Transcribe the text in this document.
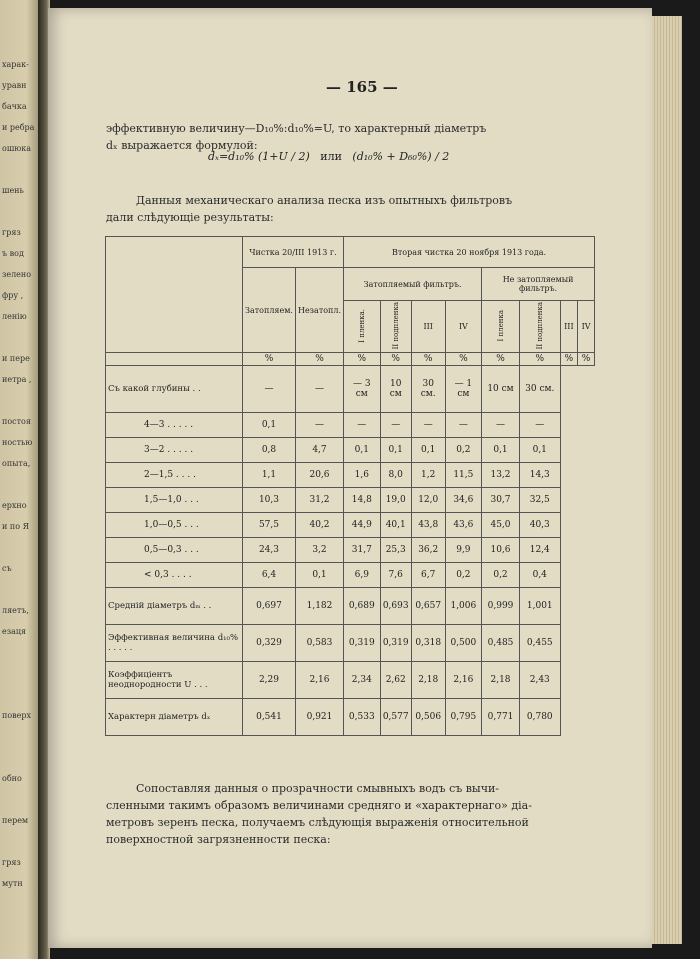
харак-
уравн
бачка
и ребра
ошюка
шень
гряз
ъ вод
зелено
фру ,
ленію
и пере
иетра ,
постоя
ностью
опыта,
ерхно
и по Я
съ
ляетъ,
езаця
поверх
обно
перем
гряз
мутн
— 165 —
эффективную величину—D₁₀%:d₁₀%=U, то характерный діаметръ
dₓ выражается формулой:
dₓ=d₁₀% (1+U / 2) или (d₁₀% + D₆₀%) / 2
Данныя механическаго анализа песка изъ опытныхъ фильтровъ
дали слѣдующіе результаты:
	Чистка 20/III 1913 г.		Вторая чистка 20 ноября 1913 года.							
	Затопляем.	Незатопл.	Затопляемый фильтръ.				Не затопляемый фильтръ.			
			I пленка.	II подпленка	III	IV	I пленка	II подпленка	III	IV
	%	%	%	%	%	%	%	%	%	%
Съ какой глубины . .	—	—	— 3 см	10 см	30 см.	— 1 см	10 см	30 см.		
4—3 . . . . .	0,1	—	—	—	—	—	—	—		
3—2 . . . . .	0,8	4,7	0,1	0,1	0,1	0,2	0,1	0,1		
2—1,5 . . . .	1,1	20,6	1,6	8,0	1,2	11,5	13,2	14,3		
1,5—1,0 . . .	10,3	31,2	14,8	19,0	12,0	34,6	30,7	32,5		
1,0—0,5 . . .	57,5	40,2	44,9	40,1	43,8	43,6	45,0	40,3		
0,5—0,3 . . .	24,3	3,2	31,7	25,3	36,2	9,9	10,6	12,4		
< 0,3 . . . .	6,4	0,1	6,9	7,6	6,7	0,2	0,2	0,4		
Средній діаметръ dₘ . .	0,697	1,182	0,689	0,693	0,657	1,006	0,999	1,001		
Эффективная величина d₁₀% . . . . .	0,329	0,583	0,319	0,319	0,318	0,500	0,485	0,455		
Коэффиціентъ неоднородности U . . .	2,29	2,16	2,34	2,62	2,18	2,16	2,18	2,43		
Характерн діаметръ dₓ	0,541	0,921	0,533	0,577	0,506	0,795	0,771	0,780		
Сопоставляя данныя о прозрачности смывныхъ водъ съ вычи-
сленными такимъ образомъ величинами средняго и «характернаго» діа-
метровъ зеренъ песка, получаемъ слѣдующія выраженія относительной
поверхностной загрязненности песка:
